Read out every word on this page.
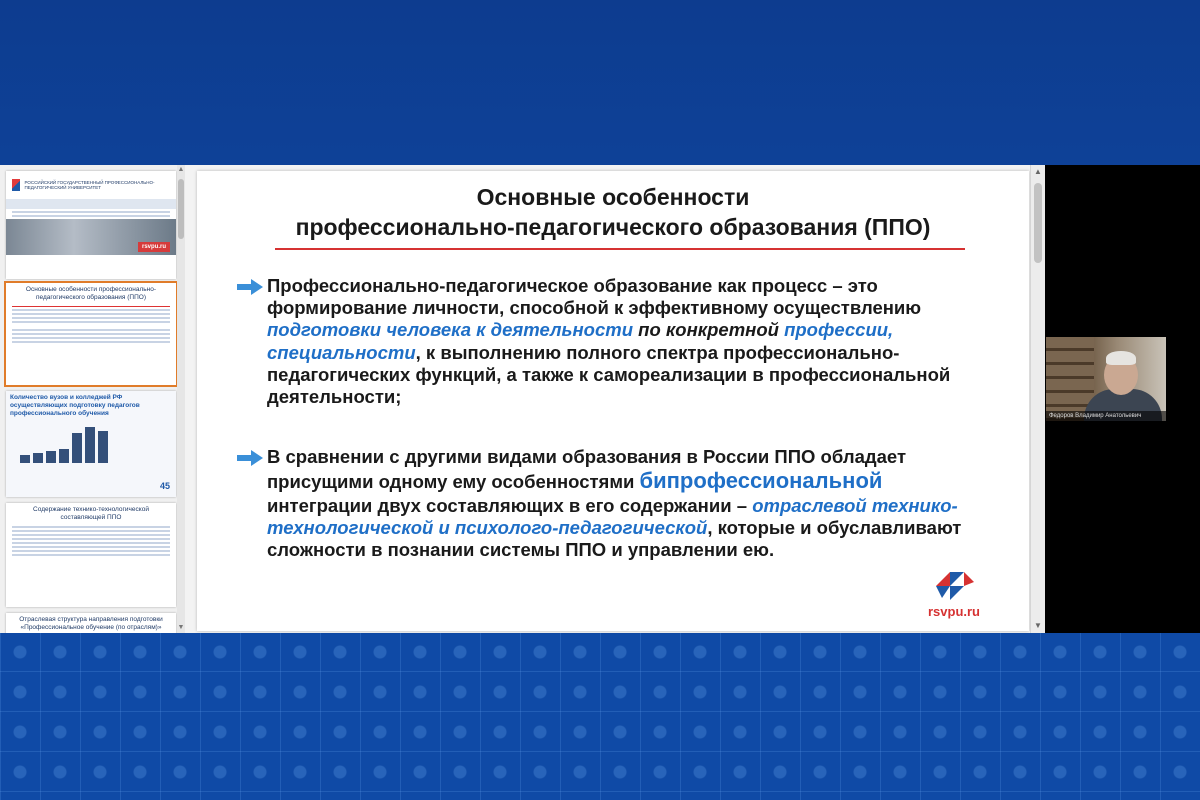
РОССИЙСКИЙ ГОСУДАРСТВЕННЫЙ ПРОФЕССИОНАЛЬНО-ПЕДАГОГИЧЕСКИЙ УНИВЕРСИТЕТ
rsvpu.ru
Основные особенности профессионально-педагогического образования (ППО)
Количество вузов и колледжей РФ осуществляющих подготовку педагогов профессионального обучения
45
Содержание технико-технологической составляющей ППО
Отраслевая структура направления подготовки «Профессиональное обучение (по отраслям)»
▲
▼
Основные особенности
профессионально-педагогического образования (ППО)
Профессионально-педагогическое образование как процесс – это формирование личности, способной к эффективному осуществлению подготовки человека к деятельности по конкретной профессии, специальности, к выполнению полного спектра профессионально-педагогических функций, а также к самореализации в профессиональной деятельности;
В сравнении с другими видами образования в России ППО обладает присущими одному ему особенностями бипрофессиональной интеграции двух составляющих в его содержании – отраслевой технико-технологической и психолого-педагогической, которые и обуславливают сложности в познании системы ППО и управлении ею.
rsvpu.ru
▲
▼
Федоров Владимир Анатольевич
